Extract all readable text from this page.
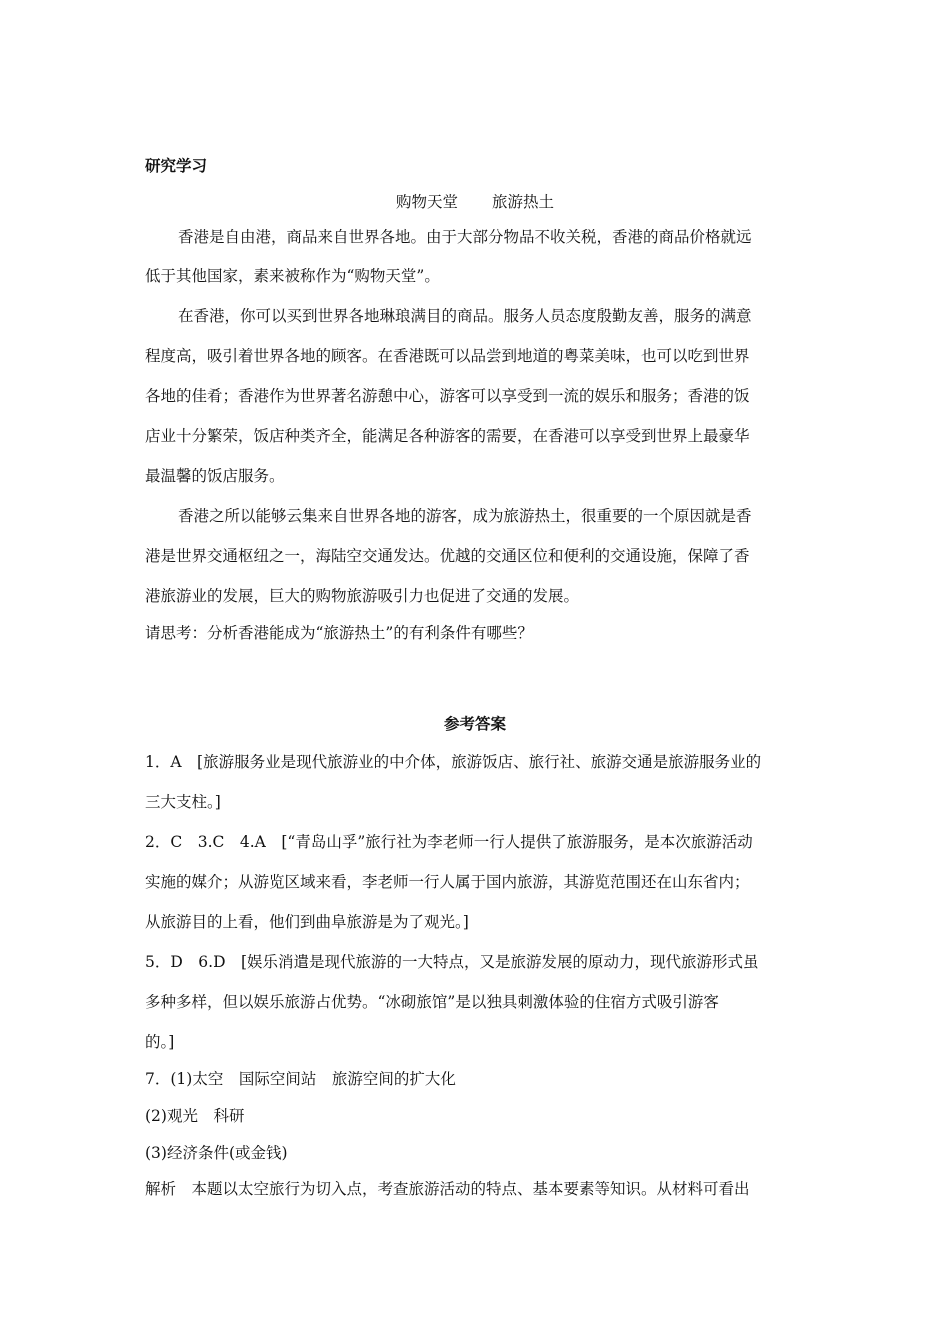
研究学习
购物天堂 旅游热土
香港是自由港，商品来自世界各地。由于大部分物品不收关税，香港的商品价格就远
低于其他国家，素来被称作为“购物天堂”。
在香港，你可以买到世界各地琳琅满目的商品。服务人员态度殷勤友善，服务的满意
程度高，吸引着世界各地的顾客。在香港既可以品尝到地道的粤菜美味，也可以吃到世界
各地的佳肴；香港作为世界著名游憩中心，游客可以享受到一流的娱乐和服务；香港的饭
店业十分繁荣，饭店种类齐全，能满足各种游客的需要，在香港可以享受到世界上最豪华
最温馨的饭店服务。
香港之所以能够云集来自世界各地的游客，成为旅游热土，很重要的一个原因就是香
港是世界交通枢纽之一，海陆空交通发达。优越的交通区位和便利的交通设施，保障了香
港旅游业的发展，巨大的购物旅游吸引力也促进了交通的发展。
请思考：分析香港能成为“旅游热土”的有利条件有哪些？
参考答案
1．A　[旅游服务业是现代旅游业的中介体，旅游饭店、旅行社、旅游交通是旅游服务业的
三大支柱。]
2．C　3.C　4.A　[“青岛山孚”旅行社为李老师一行人提供了旅游服务，是本次旅游活动
实施的媒介；从游览区域来看，李老师一行人属于国内旅游，其游览范围还在山东省内；
从旅游目的上看，他们到曲阜旅游是为了观光。]
5．D　6.D　[娱乐消遣是现代旅游的一大特点，又是旅游发展的原动力，现代旅游形式虽
多种多样，但以娱乐旅游占优势。“冰砌旅馆”是以独具刺激体验的住宿方式吸引游客
的。]
7．(1)太空　国际空间站　旅游空间的扩大化
(2)观光　科研
(3)经济条件(或金钱)
解析　本题以太空旅行为切入点，考查旅游活动的特点、基本要素等知识。从材料可看出
